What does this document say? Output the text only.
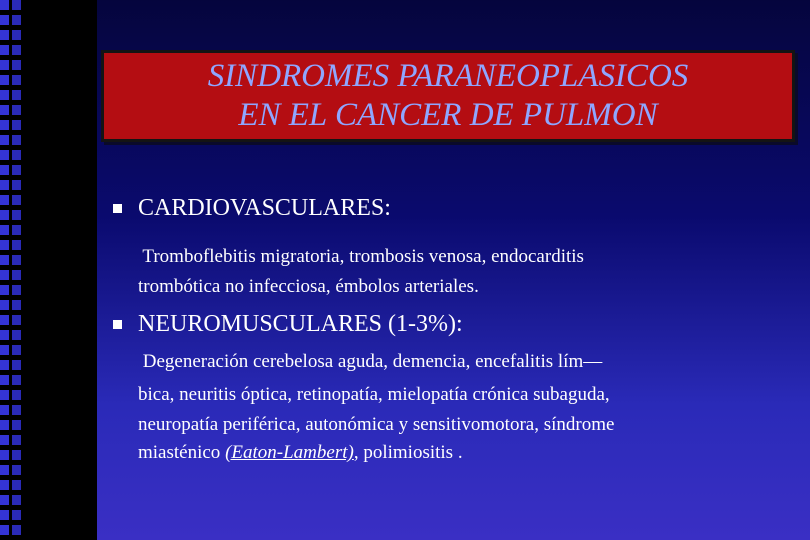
SINDROMES PARANEOPLASICOS
EN EL CANCER DE PULMON
CARDIOVASCULARES:
Tromboflebitis migratoria, trombosis venosa, endocarditis
trombótica no infecciosa, émbolos arteriales.
NEUROMUSCULARES (1-3%):
Degeneración cerebelosa aguda, demencia, encefalitis lím—
bica, neuritis óptica, retinopatía, mielopatía crónica subaguda,
neuropatía periférica, autonómica y sensitivomotora, síndrome
miasténico (Eaton-Lambert), polimiositis .
